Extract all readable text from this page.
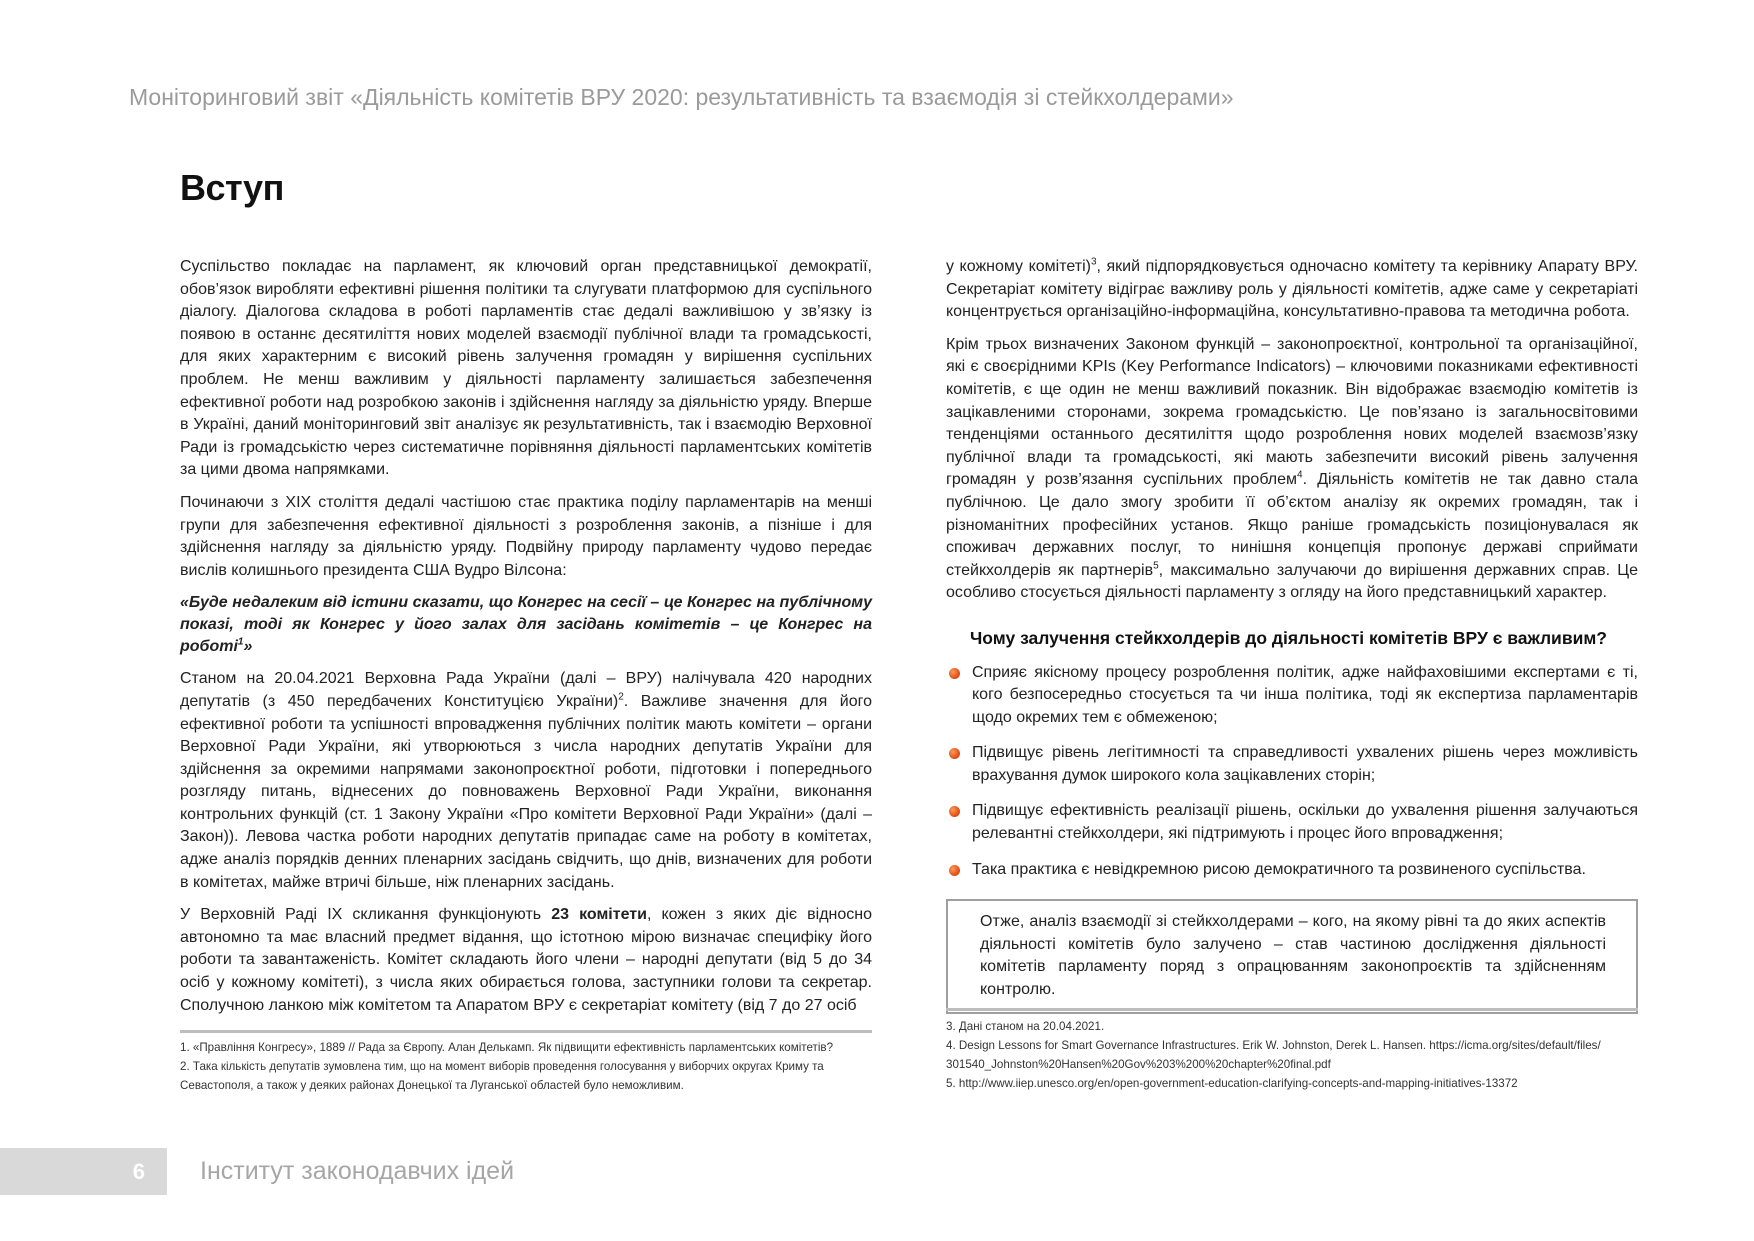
Моніторинговий звіт «Діяльність комітетів ВРУ 2020: результативність та взаємодія зі стейкхолдерами»
Вступ

Суспільство покладає на парламент, як ключовий орган представницької демократії, обов’язок виробляти ефективні рішення політики та слугувати платформою для суспільного діалогу. Діалогова складова в роботі парламентів стає дедалі важливішою у зв’язку із появою в останнє десятиліття нових моделей взаємодії публічної влади та громадськості, для яких характерним є високий рівень залучення громадян у вирішення суспільних проблем. Не менш важливим у діяльності парламенту залишається забезпечення ефективної роботи над розробкою законів і здійснення нагляду за діяльністю уряду. Вперше в Україні, даний моніторинговий звіт аналізує як результативність, так і взаємодію Верховної Ради із громадськістю через систематичне порівняння діяльності парламентських комітетів за цими двома напрямками.

Починаючи з XIX століття дедалі частішою стає практика поділу парламентарів на менші групи для забезпечення ефективної діяльності з розроблення законів, а пізніше і для здійснення нагляду за діяльністю уряду. Подвійну природу парламенту чудово передає вислів колишнього президента США Вудро Вілсона:

«Буде недалеким від істини сказати, що Конгрес на сесії – це Конгрес на публічному показі, тоді як Конгрес у його залах для засідань комітетів – це Конгрес на роботі$^1$»

Станом на 20.04.2021 Верховна Рада України (далі – ВРУ) налічувала 420 народних депутатів (з 450 передбачених Конституцією України)$^2$. Важливе значення для його ефективної роботи та успішності впровадження публічних політик мають комітети – органи Верховної Ради України, які утворюються з числа народних депутатів України для здійснення за окремими напрямами законопроєктної роботи, підготовки і попереднього розгляду питань, віднесених до повноважень Верховної Ради України, виконання контрольних функцій (ст. 1 Закону України «Про комітети Верховної Ради України» (далі – Закон)). Левова частка роботи народних депутатів припадає саме на роботу в комітетах, адже аналіз порядків денних пленарних засідань свідчить, що днів, визначених для роботи в комітетах, майже втричі більше, ніж пленарних засідань.

У Верховній Раді IX скликання функціонують 23 комітети, кожен з яких діє відносно автономно та має власний предмет відання, що істотною мірою визначає специфіку його роботи та завантаженість. Комітет складають його члени – народні депутати (від 5 до 34 осіб у кожному комітеті), з числа яких обирається голова, заступники голови та секретар. Сполучною ланкою між комітетом та Апаратом ВРУ є секретаріат комітету (від 7 до 27 осіб

у кожному комітеті)$^3$, який підпорядковується одночасно комітету та керівнику Апарату ВРУ. Секретаріат комітету відіграє важливу роль у діяльності комітетів, адже саме у секретаріаті концентрується організаційно-інформаційна, консультативно-правова та методична робота.

Крім трьох визначених Законом функцій – законопроєктної, контрольної та організаційної, які є своєрідними KPIs (Key Performance Indicators) – ключовими показниками ефективності комітетів, є ще один не менш важливий показник. Він відображає взаємодію комітетів із зацікавленими сторонами, зокрема громадськістю. Це пов’язано із загальносвітовими тенденціями останнього десятиліття щодо розроблення нових моделей взаємозв’язку публічної влади та громадськості, які мають забезпечити високий рівень залучення громадян у розв’язання суспільних проблем$^4$. Діяльність комітетів не так давно стала публічною. Це дало змогу зробити її об’єктом аналізу як окремих громадян, так і різноманітних професійних установ. Якщо раніше громадськість позиціонувалася як споживач державних послуг, то нинішня концепція пропонує державі сприймати стейкхолдерів як партнерів$^5$, максимально залучаючи до вирішення державних справ. Це особливо стосується діяльності парламенту з огляду на його представницький характер.

Чому залучення стейкхолдерів до діяльності комітетів ВРУ є важливим?
Сприяє якісному процесу розроблення політик, адже найфаховішими експертами є ті, кого безпосередньо стосується та чи інша політика, тоді як експертиза парламентарів щодо окремих тем є обмеженою;
Підвищує рівень легітимності та справедливості ухвалених рішень через можливість врахування думок широкого кола зацікавлених сторін;
Підвищує ефективність реалізації рішень, оскільки до ухвалення рішення залучаються релевантні стейкхолдери, які підтримують і процес його впровадження;
Така практика є невідкремною рисою демократичного та розвиненого суспільства.
Отже, аналіз взаємодії зі стейкхолдерами – кого, на якому рівні та до яких аспектів діяльності комітетів було залучено – став частиною дослідження діяльності комітетів парламенту поряд з опрацюванням законопроєктів та здійсненням контролю.
1. «Правління Конгресу», 1889 // Рада за Європу. Алан Делькамп. Як підвищити ефективність парламентських комітетів?
2. Така кількість депутатів зумовлена тим, що на момент виборів проведення голосування у виборчих округах Криму та Севастополя, а також у деяких районах Донецької та Луганської областей було неможливим.
3. Дані станом на 20.04.2021.
4. Design Lessons for Smart Governance Infrastructures. Erik W. Johnston, Derek L. Hansen. https://icma.org/sites/default/files/301540_Johnston%20Hansen%20Gov%203%200%20chapter%20final.pdf
5. http://www.iiep.unesco.org/en/open-government-education-clarifying-concepts-and-mapping-initiatives-13372
6	Інститут законодавчих ідей
